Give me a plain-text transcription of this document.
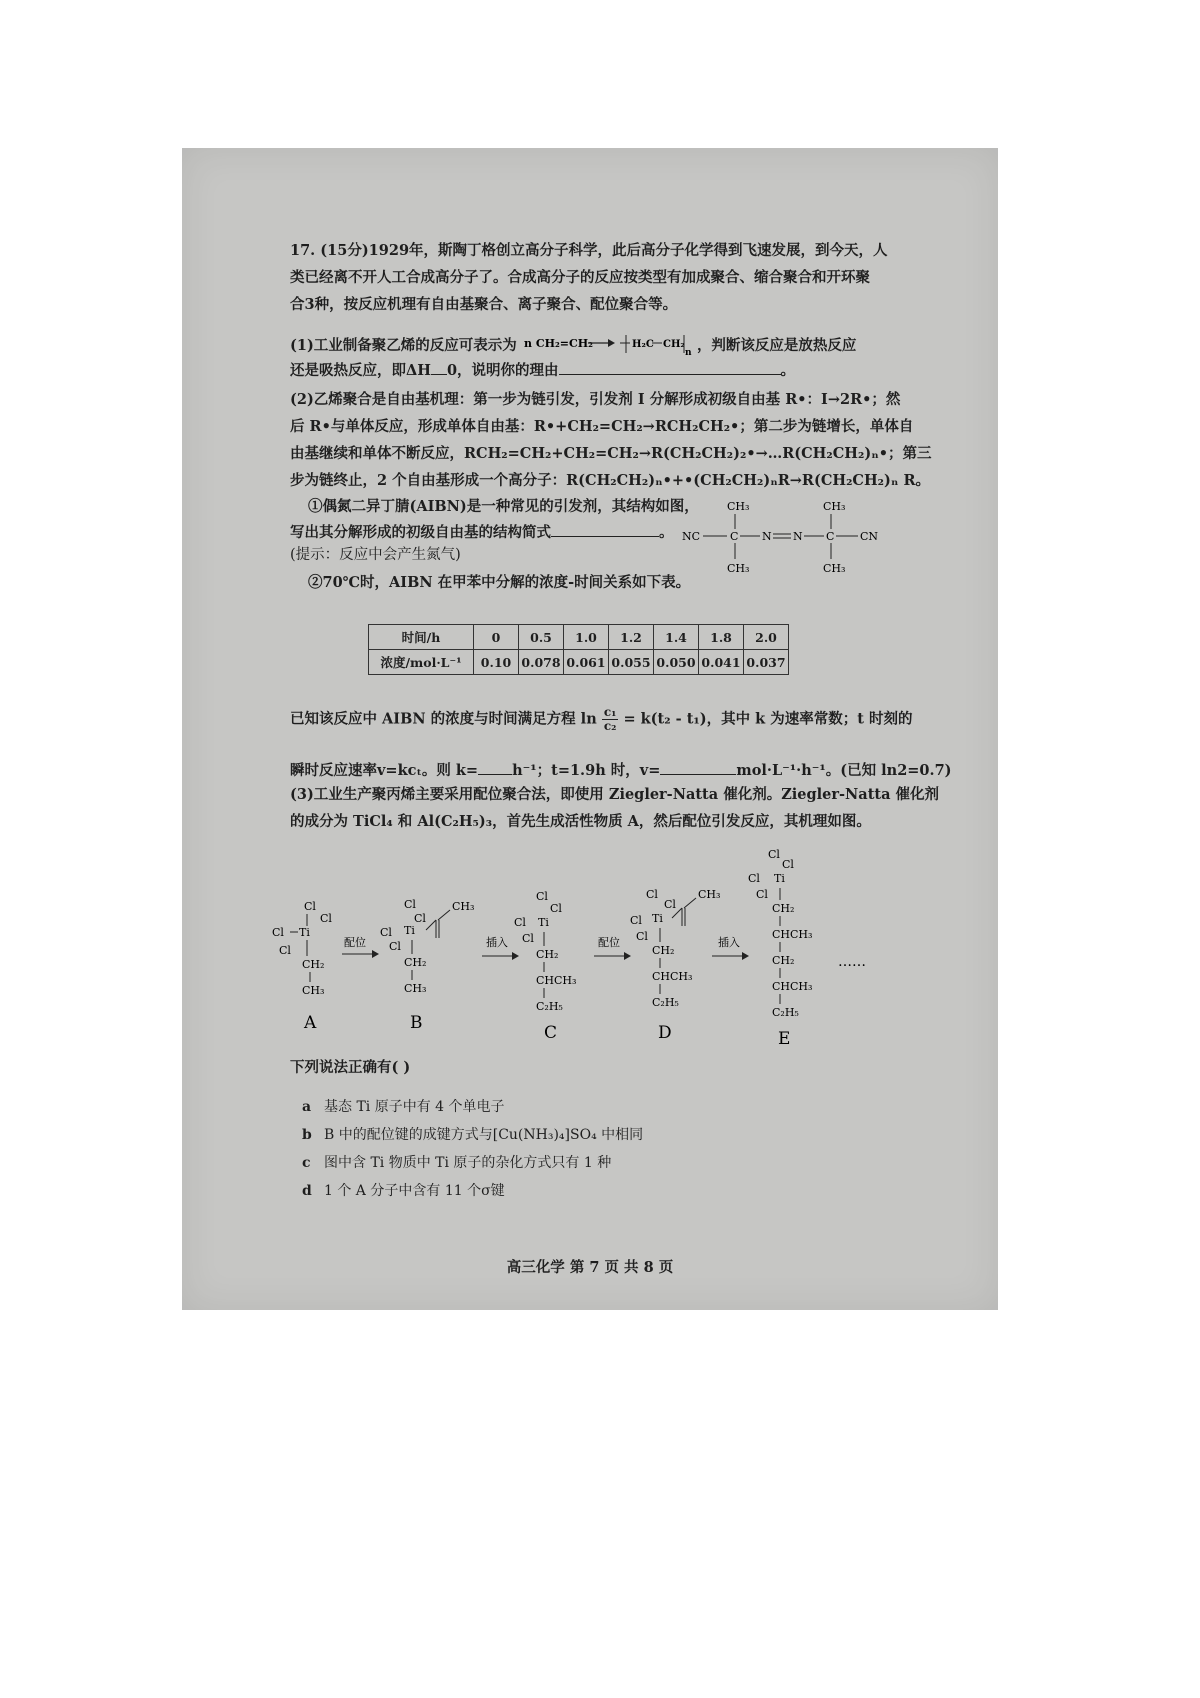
17. (15分)1929年，斯陶丁格创立高分子科学，此后高分子化学得到飞速发展，到今天，人
类已经离不开人工合成高分子了。合成高分子的反应按类型有加成聚合、缩合聚合和开环聚
合3种，按反应机理有自由基聚合、离子聚合、配位聚合等。
(1)工业制备聚乙烯的反应可表示为 n CH₂=CH₂	H₂C CH₂
n ，判断该反应是放热反应
还是吸热反应，即ΔH 0，说明你的理由	。
(2)乙烯聚合是自由基机理：第一步为链引发，引发剂 I 分解形成初级自由基 R•：I→2R•；然
后 R•与单体反应，形成单体自由基：R•+CH₂=CH₂→RCH₂CH₂•；第二步为链增长，单体自
由基继续和单体不断反应，RCH₂=CH₂+CH₂=CH₂→R(CH₂CH₂)₂•→…R(CH₂CH₂)ₙ•；第三
步为链终止，2 个自由基形成一个高分子：R(CH₂CH₂)ₙ•+•(CH₂CH₂)ₙR→R(CH₂CH₂)ₙ R。
①偶氮二异丁腈(AIBN)是一种常见的引发剂，其结构如图，
写出其分解形成的初级自由基的结构简式	。
(提示：反应中会产生氮气)
CH₃
NC	C N N C CN
CH₃
CH₃	CH₃
②70℃时，AIBN 在甲苯中分解的浓度-时间关系如下表。
时间/h	0	0.5	1.0	1.2	1.4	1.8	2.0
浓度/mol·L⁻¹	0.10	0.078	0.061	0.055	0.050	0.041	0.037
已知该反应中 AIBN 的浓度与时间满足方程 $\ln \frac{\text{c₁}}{\text{c₂}} = k(t_2 - t_1)$，其中 k 为速率常数；t 时刻的
瞬时反应速率v=kcₜ。则 k= h⁻¹；t=1.9h 时，v=	mol·L⁻¹·h⁻¹。(已知 ln2=0.7)
(3)工业生产聚丙烯主要采用配位聚合法，即使用 Ziegler-Natta 催化剂。Ziegler-Natta 催化剂
的成分为 TiCl₄ 和 Al(C₂H₅)₃，首先生成活性物质 A，然后配位引发反应，其机理如图。
Cl
Cl
Cl Ti
Cl
CH₂
CH₃
A
配位
Cl
Cl
Cl Ti
Cl
CH₃
CH₂
CH₃
B
插入
Cl
Cl
Cl Ti
Cl
CH₂
CHCH₃
C₂H₅
C
配位
Cl
Cl
Cl Ti
Cl
CH₃
CH₂
CHCH₃
C₂H₅
D
插入
Cl
Cl
Cl Ti
Cl
CH₂
CHCH₃
CH₂
CHCH₃
C₂H₅
E
……
下列说法正确有( )
a 基态 Ti 原子中有 4 个单电子
b B 中的配位键的成键方式与[Cu(NH₃)₄]SO₄ 中相同
c 图中含 Ti 物质中 Ti 原子的杂化方式只有 1 种
d 1 个 A 分子中含有 11 个σ键
高三化学 第 7 页 共 8 页
